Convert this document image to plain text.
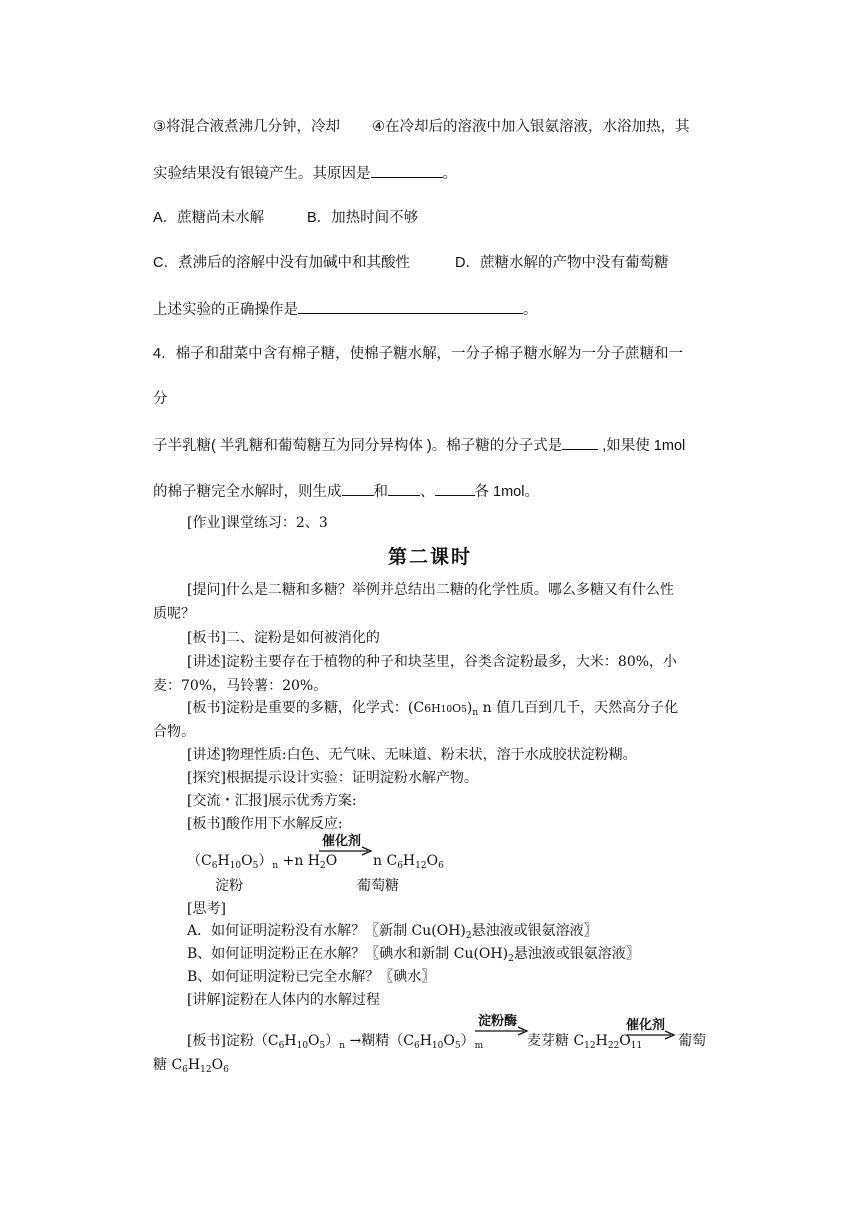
③将混合液煮沸几分钟，冷却 ④在冷却后的溶液中加入银氨溶液，水浴加热，其
实验结果没有银镜产生。其原因是	。
A．蔗糖尚未水解	B．加热时间不够
C．煮沸后的溶解中没有加碱中和其酸性	D．蔗糖水解的产物中没有葡萄糖
上述实验的正确操作是	。
4．棉子和甜菜中含有棉子糖，使棉子糖水解，一分子棉子糖水解为一分子蔗糖和一
分
子半乳糖( 半乳糖和葡萄糖互为同分异构体 )。棉子糖的分子式是 ,如果使 1mol
的棉子糖完全水解时，则生成 和 、	各 1mol。
[作业]课堂练习：2、3
第二课时
[提问]什么是二糖和多糖？举例并总结出二糖的化学性质。哪么多糖又有什么性
质呢？
[板书]二、淀粉是如何被消化的
[讲述]淀粉主要存在于植物的种子和块茎里，谷类含淀粉最多，大米：80%，小
麦：70%，马铃薯：20%。
[板书]淀粉是重要的多糖，化学式：$(C6H10O5)_n$ n 值几百到几千，天然高分子化
合物。
[讲述]物理性质:白色、无气味、无味道、粉末状，溶于水成胶状淀粉糊。
[探究]根据提示设计实验：证明淀粉水解产物。
[交流・汇报]展示优秀方案:
[板书]酸作用下水解反应:
$(C_6H_{10}O_5)_n +n$ $H_2O$
催化剂
n $C_6H_{12}O_6$
淀粉	葡萄糖
[思考]
A．如何证明淀粉没有水解？〖新制 $Cu(OH)_2$悬浊液或银氨溶液〗
B、如何证明淀粉正在水解？〖碘水和新制 $Cu(OH)_2$悬浊液或银氨溶液〗
B、如何证明淀粉已完全水解？〖碘水〗
[讲解]淀粉在人体内的水解过程
淀粉酶	催化剂
[板书]淀粉$(C_6H_{10}O_5)_n$ →糊精$(C_6H_{10}O_5)_m$	麦芽糖 $C_{12}H_{22}O_{11}$	葡萄
糖 $C_6H_{12}O_6$
